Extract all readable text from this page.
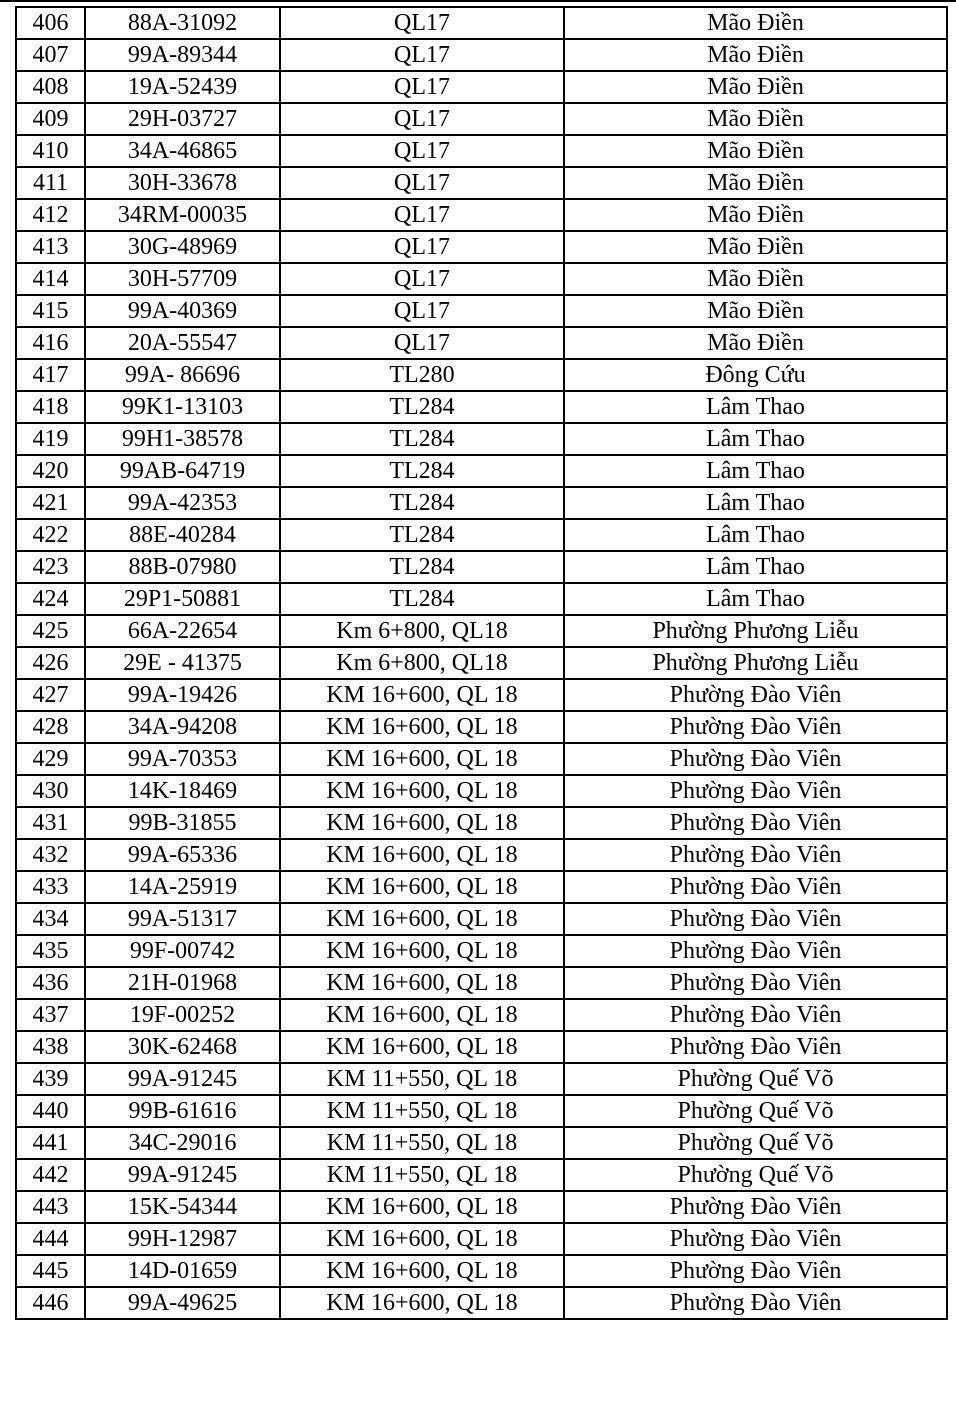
406	88A-31092	QL17	Mão Điền
407	99A-89344	QL17	Mão Điền
408	19A-52439	QL17	Mão Điền
409	29H-03727	QL17	Mão Điền
410	34A-46865	QL17	Mão Điền
411	30H-33678	QL17	Mão Điền
412	34RM-00035	QL17	Mão Điền
413	30G-48969	QL17	Mão Điền
414	30H-57709	QL17	Mão Điền
415	99A-40369	QL17	Mão Điền
416	20A-55547	QL17	Mão Điền
417	99A- 86696	TL280	Đông Cứu
418	99K1-13103	TL284	Lâm Thao
419	99H1-38578	TL284	Lâm Thao
420	99AB-64719	TL284	Lâm Thao
421	99A-42353	TL284	Lâm Thao
422	88E-40284	TL284	Lâm Thao
423	88B-07980	TL284	Lâm Thao
424	29P1-50881	TL284	Lâm Thao
425	66A-22654	Km 6+800, QL18	Phường Phương Liễu
426	29E - 41375	Km 6+800, QL18	Phường Phương Liễu
427	99A-19426	KM 16+600, QL 18	Phường Đào Viên
428	34A-94208	KM 16+600, QL 18	Phường Đào Viên
429	99A-70353	KM 16+600, QL 18	Phường Đào Viên
430	14K-18469	KM 16+600, QL 18	Phường Đào Viên
431	99B-31855	KM 16+600, QL 18	Phường Đào Viên
432	99A-65336	KM 16+600, QL 18	Phường Đào Viên
433	14A-25919	KM 16+600, QL 18	Phường Đào Viên
434	99A-51317	KM 16+600, QL 18	Phường Đào Viên
435	99F-00742	KM 16+600, QL 18	Phường Đào Viên
436	21H-01968	KM 16+600, QL 18	Phường Đào Viên
437	19F-00252	KM 16+600, QL 18	Phường Đào Viên
438	30K-62468	KM 16+600, QL 18	Phường Đào Viên
439	99A-91245	KM 11+550, QL 18	Phường Quế Võ
440	99B-61616	KM 11+550, QL 18	Phường Quế Võ
441	34C-29016	KM 11+550, QL 18	Phường Quế Võ
442	99A-91245	KM 11+550, QL 18	Phường Quế Võ
443	15K-54344	KM 16+600, QL 18	Phường Đào Viên
444	99H-12987	KM 16+600, QL 18	Phường Đào Viên
445	14D-01659	KM 16+600, QL 18	Phường Đào Viên
446	99A-49625	KM 16+600, QL 18	Phường Đào Viên
